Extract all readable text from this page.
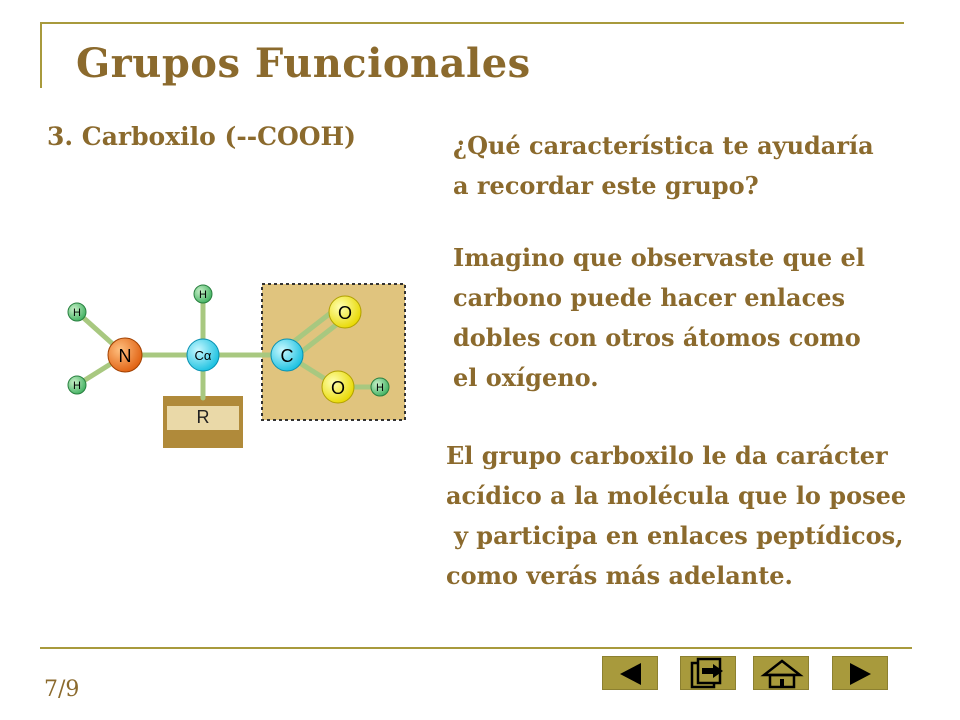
Grupos Funcionales
3. Carboxilo (--COOH)	¿Qué característica te ayudaría
a recordar este grupo?

Imagino que observaste que el
carbono puede hacer enlaces
dobles con otros átomos como
el oxígeno.

El grupo carboxilo le da carácter
acídico a la molécula que lo posee
y participa en enlaces peptídicos,
como verás más adelante.

H
H
H
H
N	Cα	C
O
O
R
7/9
